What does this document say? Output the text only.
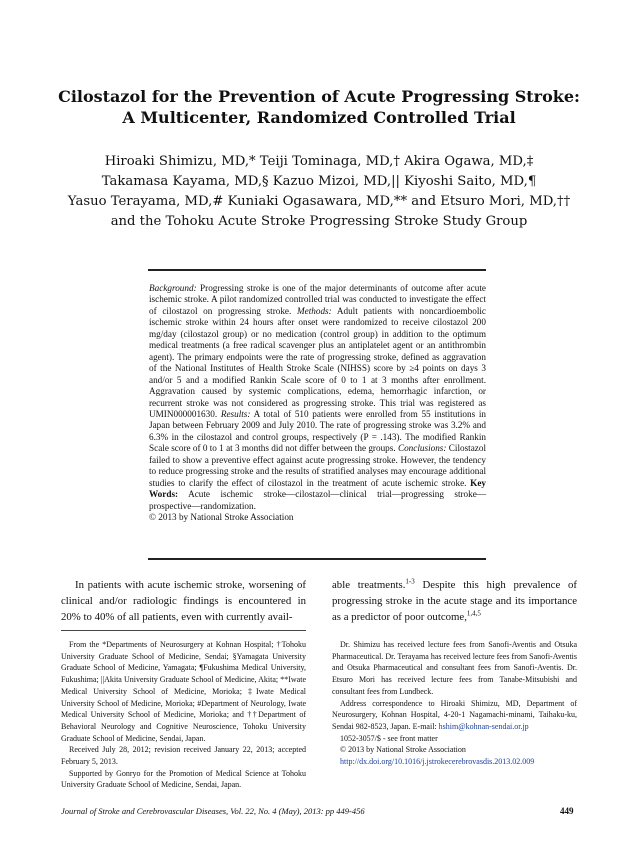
Cilostazol for the Prevention of Acute Progressing Stroke:
A Multicenter, Randomized Controlled Trial
Hiroaki Shimizu, MD,* Teiji Tominaga, MD,† Akira Ogawa, MD,‡
Takamasa Kayama, MD,§ Kazuo Mizoi, MD,|| Kiyoshi Saito, MD,¶
Yasuo Terayama, MD,# Kuniaki Ogasawara, MD,** and Etsuro Mori, MD,††
and the Tohoku Acute Stroke Progressing Stroke Study Group

Background: Progressing stroke is one of the major determinants of outcome after acute ischemic stroke. A pilot randomized controlled trial was conducted to investigate the effect of cilostazol on progressing stroke. Methods: Adult patients with noncardioembolic ischemic stroke within 24 hours after onset were randomized to receive cilostazol 200 mg/day (cilostazol group) or no medication (control group) in addition to the optimum medical treatments (a free radical scavenger plus an antiplatelet agent or an antithrombin agent). The primary endpoints were the rate of progressing stroke, defined as aggravation of the National Institutes of Health Stroke Scale (NIHSS) score by ≥4 points on days 3 and/or 5 and a modified Rankin Scale score of 0 to 1 at 3 months after enrollment. Aggravation caused by systemic complications, edema, hemorrhagic infarction, or recurrent stroke was not considered as progressing stroke. This trial was registered as UMIN000001630. Results: A total of 510 patients were enrolled from 55 institutions in Japan between February 2009 and July 2010. The rate of progressing stroke was 3.2% and 6.3% in the cilostazol and control groups, respectively (P = .143). The modified Rankin Scale score of 0 to 1 at 3 months did not differ between the groups. Conclusions: Cilostazol failed to show a preventive effect against acute progressing stroke. However, the tendency to reduce progressing stroke and the results of stratified analyses may encourage additional studies to clarify the effect of cilostazol in the treatment of acute ischemic stroke. Key Words: Acute ischemic stroke—cilostazol—clinical trial—progressing stroke—prospective—randomization.

© 2013 by National Stroke Association

In patients with acute ischemic stroke, worsening of clinical and/or radiologic findings is encountered in 20% to 40% of all patients, even with currently avail-

able treatments.$^{1-3}$ Despite this high prevalence of progressing stroke in the acute stage and its importance as a predictor of poor outcome,$^{1,4,5}$

From the *Departments of Neurosurgery at Kohnan Hospital; †Tohoku University Graduate School of Medicine, Sendai; §Yamagata University Graduate School of Medicine, Yamagata; ¶Fukushima Medical University, Fukushima; ||Akita University Graduate School of Medicine, Akita; **Iwate Medical University School of Medicine, Morioka; ‡Iwate Medical University School of Medicine, Morioka; #Department of Neurology, Iwate Medical University School of Medicine, Morioka; and ††Department of Behavioral Neurology and Cognitive Neuroscience, Tohoku University Graduate School of Medicine, Sendai, Japan.

Received July 28, 2012; revision received January 22, 2013; accepted February 5, 2013.

Supported by Gonryo for the Promotion of Medical Science at Tohoku University Graduate School of Medicine, Sendai, Japan.

Dr. Shimizu has received lecture fees from Sanofi-Aventis and Otsuka Pharmaceutical. Dr. Terayama has received lecture fees from Sanofi-Aventis and Otsuka Pharmaceutical and consultant fees from Sanofi-Aventis. Dr. Etsuro Mori has received lecture fees from Tanabe-Mitsubishi and consultant fees from Lundbeck.

Address correspondence to Hiroaki Shimizu, MD, Department of Neurosurgery, Kohnan Hospital, 4-20-1 Nagamachi-minami, Taihaku-ku, Sendai 982-8523, Japan. E-mail: hshim@kohnan-sendai.or.jp

1052-3057/$ - see front matter

© 2013 by National Stroke Association

http://dx.doi.org/10.1016/j.jstrokecerebrovasdis.2013.02.009

Journal of Stroke and Cerebrovascular Diseases, Vol. 22, No. 4 (May), 2013: pp 449-456	449
